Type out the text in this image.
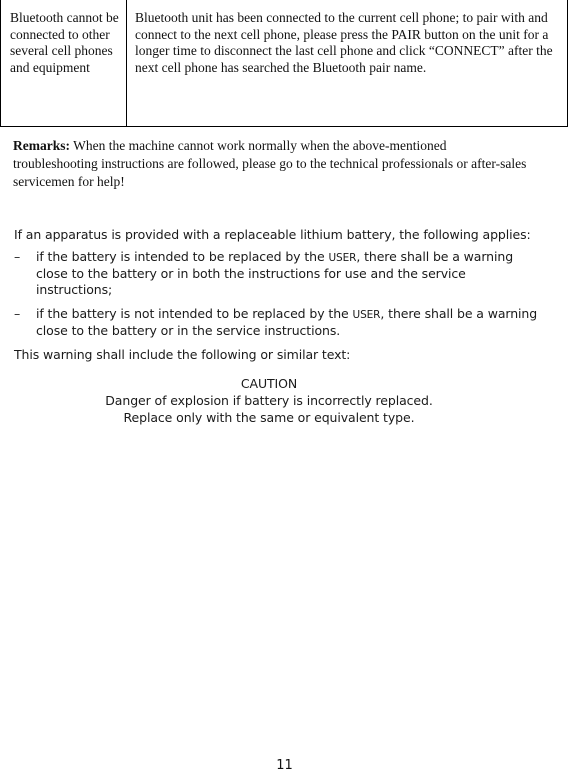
Bluetooth cannot be connected to other several cell phones and equipment	Bluetooth unit has been connected to the current cell phone; to pair with and connect to the next cell phone, please press the PAIR button on the unit for a longer time to disconnect the last cell phone and click “CONNECT” after the next cell phone has searched the Bluetooth pair name.
Remarks: When the machine cannot work normally when the above-mentioned troubleshooting instructions are followed, please go to the technical professionals or after-sales servicemen for help!
If an apparatus is provided with a replaceable lithium battery, the following applies:
–	if the battery is intended to be replaced by the USER, there shall be a warning close to the battery or in both the instructions for use and the service instructions;
–	if the battery is not intended to be replaced by the USER, there shall be a warning close to the battery or in the service instructions.
This warning shall include the following or similar text:
CAUTION
Danger of explosion if battery is incorrectly replaced.
Replace only with the same or equivalent type.
11
